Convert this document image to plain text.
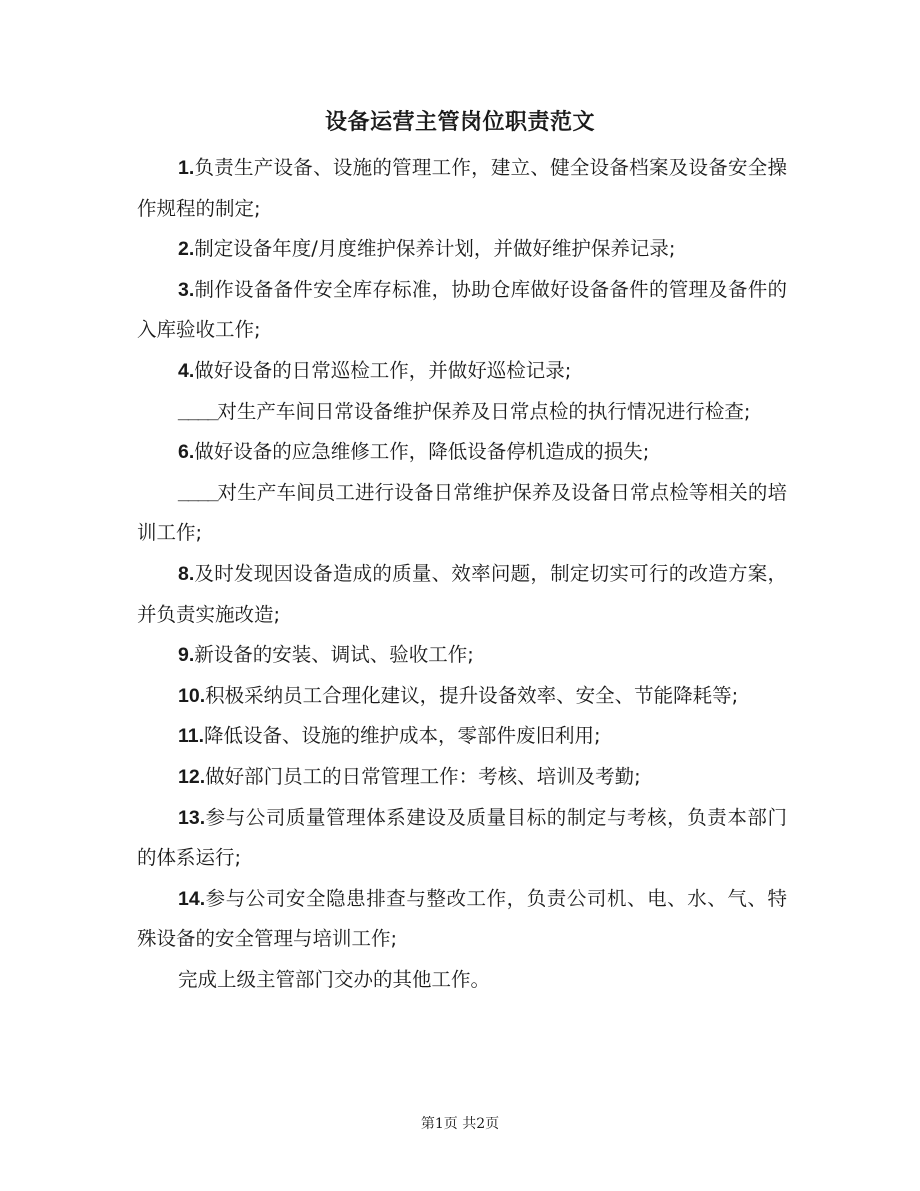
设备运营主管岗位职责范文

1.负责生产设备、设施的管理工作，建立、健全设备档案及设备安全操作规程的制定;

2.制定设备年度/月度维护保养计划，并做好维护保养记录;

3.制作设备备件安全库存标准，协助仓库做好设备备件的管理及备件的入库验收工作;

4.做好设备的日常巡检工作，并做好巡检记录;

____对生产车间日常设备维护保养及日常点检的执行情况进行检查;

6.做好设备的应急维修工作，降低设备停机造成的损失;

____对生产车间员工进行设备日常维护保养及设备日常点检等相关的培训工作;

8.及时发现因设备造成的质量、效率问题，制定切实可行的改造方案，并负责实施改造;

9.新设备的安装、调试、验收工作;

10.积极采纳员工合理化建议，提升设备效率、安全、节能降耗等;

11.降低设备、设施的维护成本，零部件废旧利用;

12.做好部门员工的日常管理工作：考核、培训及考勤;

13.参与公司质量管理体系建设及质量目标的制定与考核，负责本部门的体系运行;

14.参与公司安全隐患排查与整改工作，负责公司机、电、水、气、特殊设备的安全管理与培训工作;

完成上级主管部门交办的其他工作。

第1页 共2页
